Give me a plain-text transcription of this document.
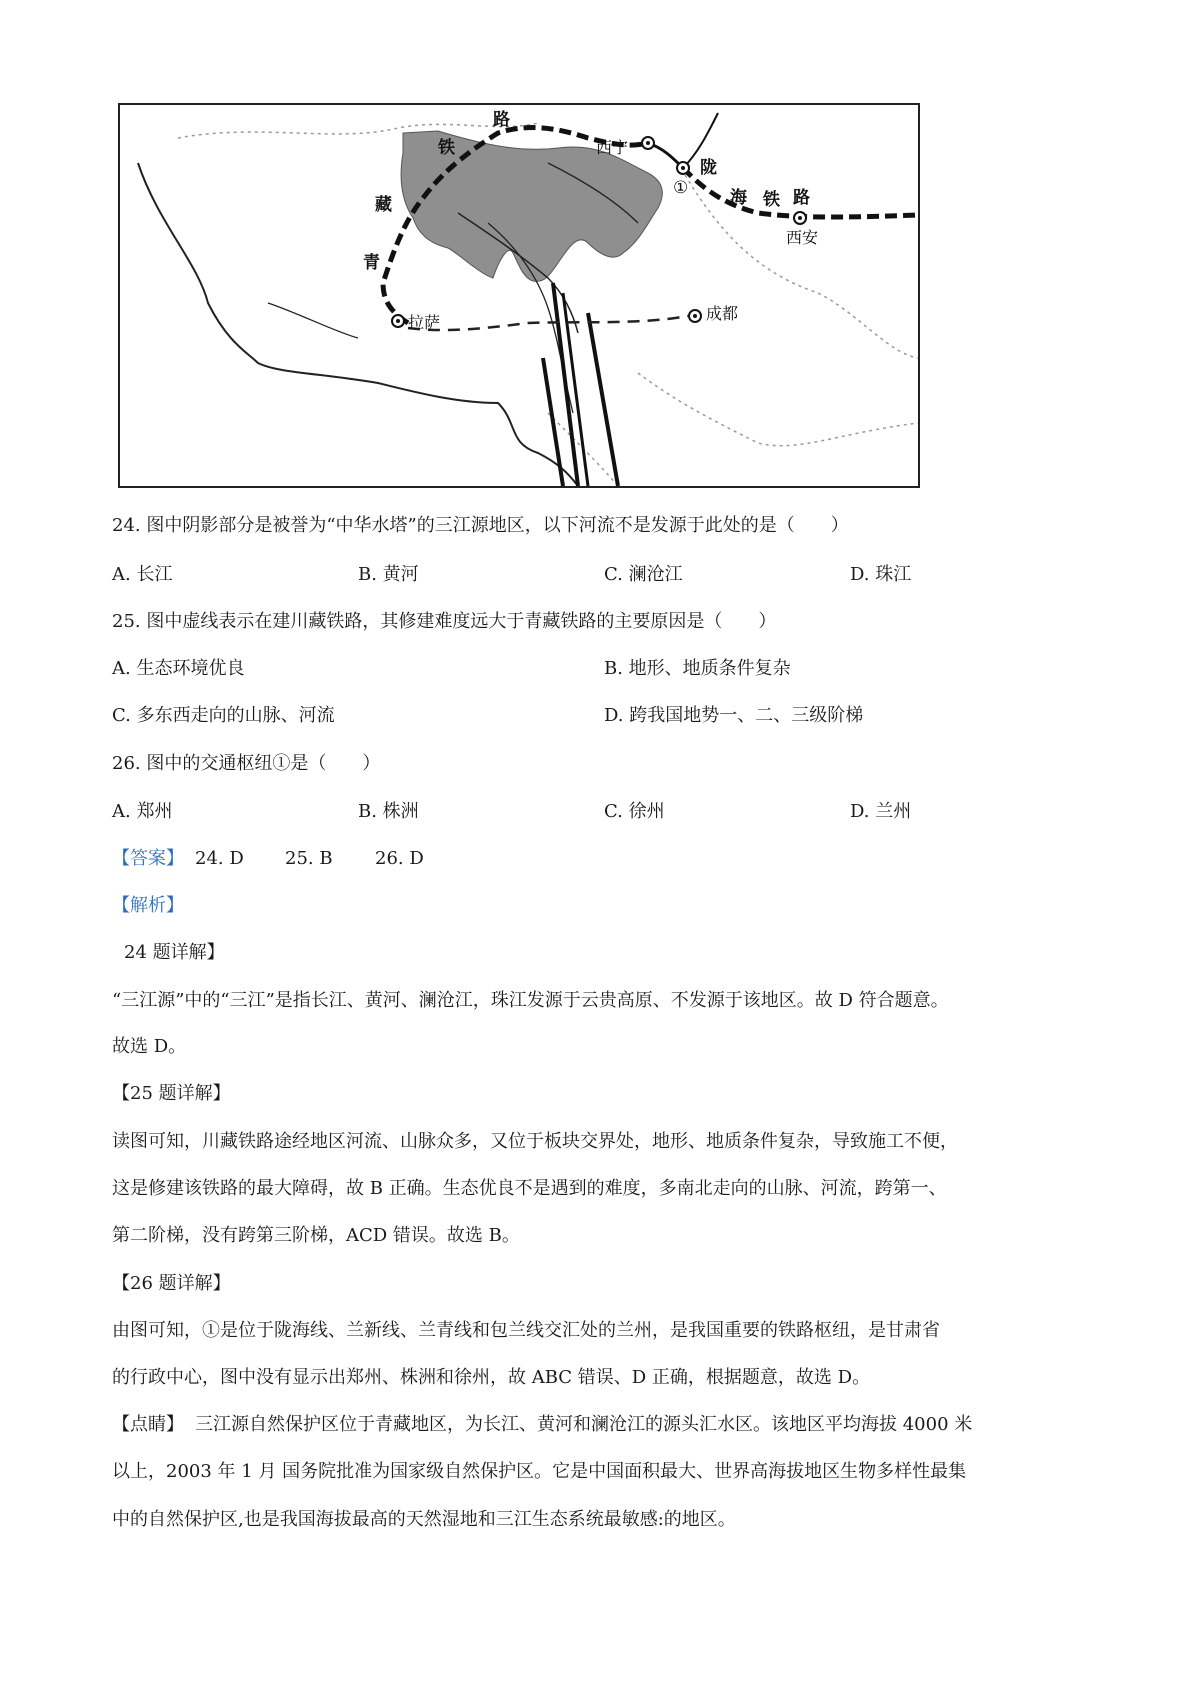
西宁
陇
海 铁 路
①
西安
青
藏
铁
路
拉萨	成都
24. 图中阴影部分是被誉为“中华水塔”的三江源地区，以下河流不是发源于此处的是（　　）
A. 长江	B. 黄河	C. 澜沧江	D. 珠江
25. 图中虚线表示在建川藏铁路，其修建难度远大于青藏铁路的主要原因是（　　）
A. 生态环境优良	B. 地形、地质条件复杂
C. 多东西走向的山脉、河流	D. 跨我国地势一、二、三级阶梯
26. 图中的交通枢纽①是（　　）
A. 郑州	B. 株洲	C. 徐州	D. 兰州
【答案】 24. D 25. B 26. D
【解析】
24 题详解】
“三江源”中的“三江”是指长江、黄河、澜沧江，珠江发源于云贵高原、不发源于该地区。故 D 符合题意。
故选 D。
【25 题详解】
读图可知，川藏铁路途经地区河流、山脉众多，又位于板块交界处，地形、地质条件复杂，导致施工不便，
这是修建该铁路的最大障碍，故 B 正确。生态优良不是遇到的难度，多南北走向的山脉、河流，跨第一、
第二阶梯，没有跨第三阶梯，ACD 错误。故选 B。
【26 题详解】
由图可知，①是位于陇海线、兰新线、兰青线和包兰线交汇处的兰州，是我国重要的铁路枢纽，是甘肃省
的行政中心，图中没有显示出郑州、株洲和徐州，故 ABC 错误、D 正确，根据题意，故选 D。
【点睛】 三江源自然保护区位于青藏地区，为长江、黄河和澜沧江的源头汇水区。该地区平均海拔 4000 米
以上，2003 年 1 月 国务院批准为国家级自然保护区。它是中国面积最大、世界高海拔地区生物多样性最集
中的自然保护区,也是我国海拔最高的天然湿地和三江生态系统最敏感:的地区。
